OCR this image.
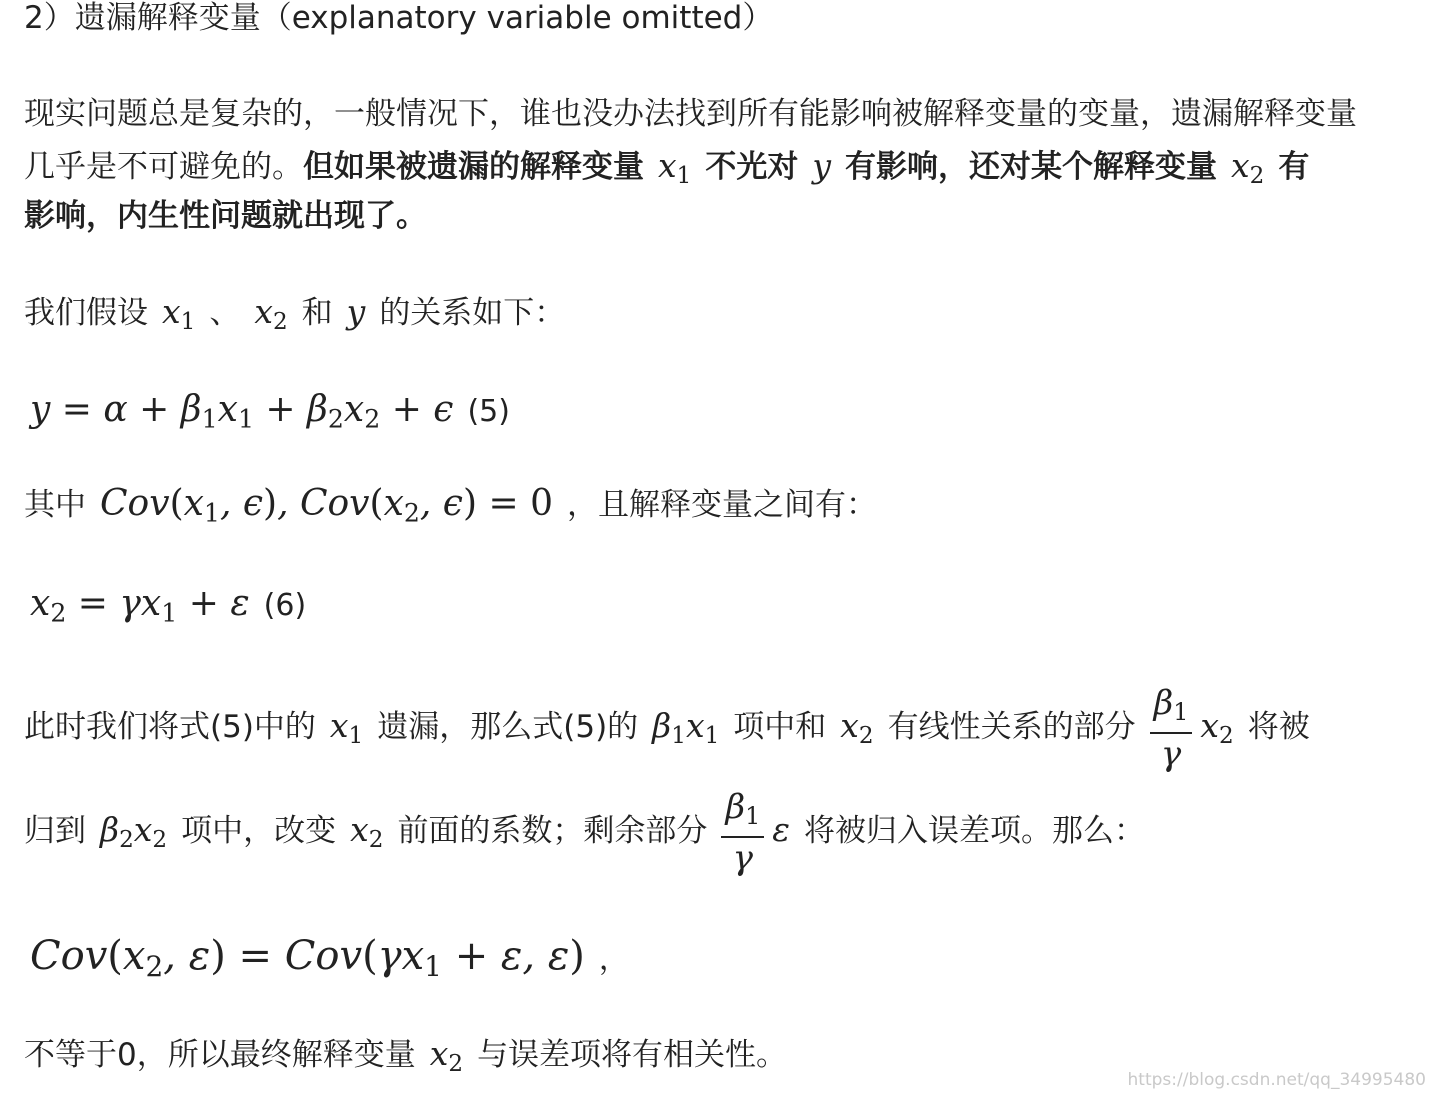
2）遗漏解释变量（explanatory variable omitted）
现实问题总是复杂的，一般情况下，谁也没办法找到所有能影响被解释变量的变量，遗漏解释变量
几乎是不可避免的。但如果被遗漏的解释变量 $x_1$ 不光对 y 有影响，还对某个解释变量 $x_2$ 有
影响，内生性问题就出现了。
我们假设 $x_1$ 、 $x_2$ 和 y 的关系如下：
$y = \alpha + \beta_1x_1 + \beta_2x_2 + \epsilon$ (5)
其中 $Cov(x_1$, ϵ), $Cov(x_2$, ϵ) = 0 ，且解释变量之间有：
$x_2 = \gamma x_1 + \varepsilon$ (6)
此时我们将式(5)中的 $x_1$ 遗漏，那么式(5)的 $\beta_1x_1$ 项中和 $x_2$ 有线性关系的部分 $\frac{\beta_1}{\gamma} x_2$ 将被
归到 $\beta_2x_2$ 项中，改变 $x_2$ 前面的系数；剩余部分 $\frac{\beta_1}{\gamma}$ ε 将被归入误差项。那么：
$Cov(x_2$, $\varepsilon) = Cov(\gamma x_1 + \varepsilon$, ε) ，
不等于0，所以最终解释变量 $x_2$ 与误差项将有相关性。
https://blog.csdn.net/qq_34995480
